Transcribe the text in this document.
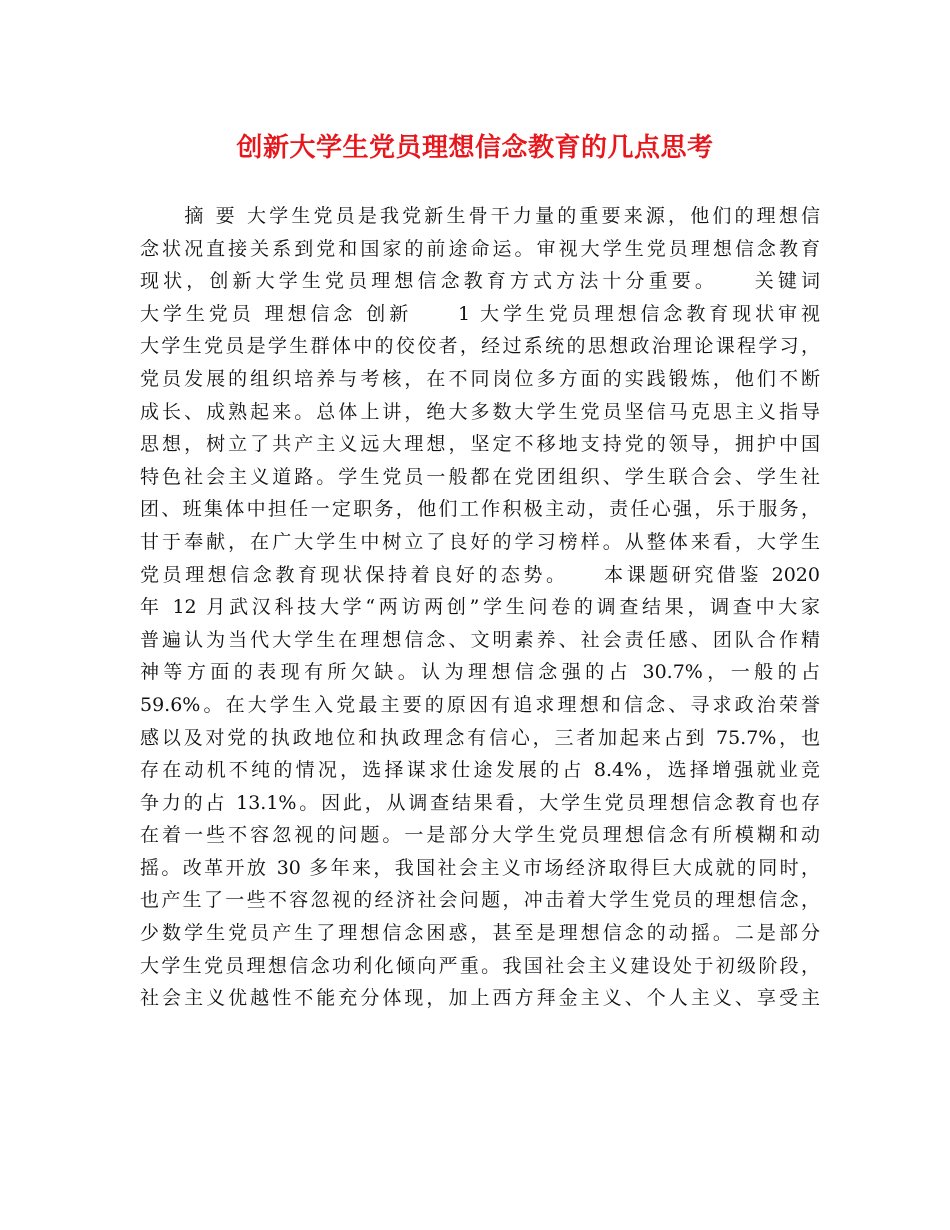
创新大学生党员理想信念教育的几点思考
　　摘 要 大学生党员是我党新生骨干力量的重要来源，他们的理想信
念状况直接关系到党和国家的前途命运。审视大学生党员理想信念教育
现状，创新大学生党员理想信念教育方式方法十分重要。　　关键词
大学生党员 理想信念 创新　　1 大学生党员理想信念教育现状审视
大学生党员是学生群体中的佼佼者，经过系统的思想政治理论课程学习，
党员发展的组织培养与考核，在不同岗位多方面的实践锻炼，他们不断
成长、成熟起来。总体上讲，绝大多数大学生党员坚信马克思主义指导
思想，树立了共产主义远大理想，坚定不移地支持党的领导，拥护中国
特色社会主义道路。学生党员一般都在党团组织、学生联合会、学生社
团、班集体中担任一定职务，他们工作积极主动，责任心强，乐于服务，
甘于奉献，在广大学生中树立了良好的学习榜样。从整体来看，大学生
党员理想信念教育现状保持着良好的态势。　　本课题研究借鉴 2020
年 12 月武汉科技大学“两访两创”学生问卷的调查结果，调查中大家
普遍认为当代大学生在理想信念、文明素养、社会责任感、团队合作精
神等方面的表现有所欠缺。认为理想信念强的占 30.7%，一般的占
59.6%。在大学生入党最主要的原因有追求理想和信念、寻求政治荣誉
感以及对党的执政地位和执政理念有信心，三者加起来占到 75.7%，也
存在动机不纯的情况，选择谋求仕途发展的占 8.4%，选择增强就业竞
争力的占 13.1%。因此，从调查结果看，大学生党员理想信念教育也存
在着一些不容忽视的问题。一是部分大学生党员理想信念有所模糊和动
摇。改革开放 30 多年来，我国社会主义市场经济取得巨大成就的同时，
也产生了一些不容忽视的经济社会问题，冲击着大学生党员的理想信念，
少数学生党员产生了理想信念困惑，甚至是理想信念的动摇。二是部分
大学生党员理想信念功利化倾向严重。我国社会主义建设处于初级阶段，
社会主义优越性不能充分体现，加上西方拜金主义、个人主义、享受主
